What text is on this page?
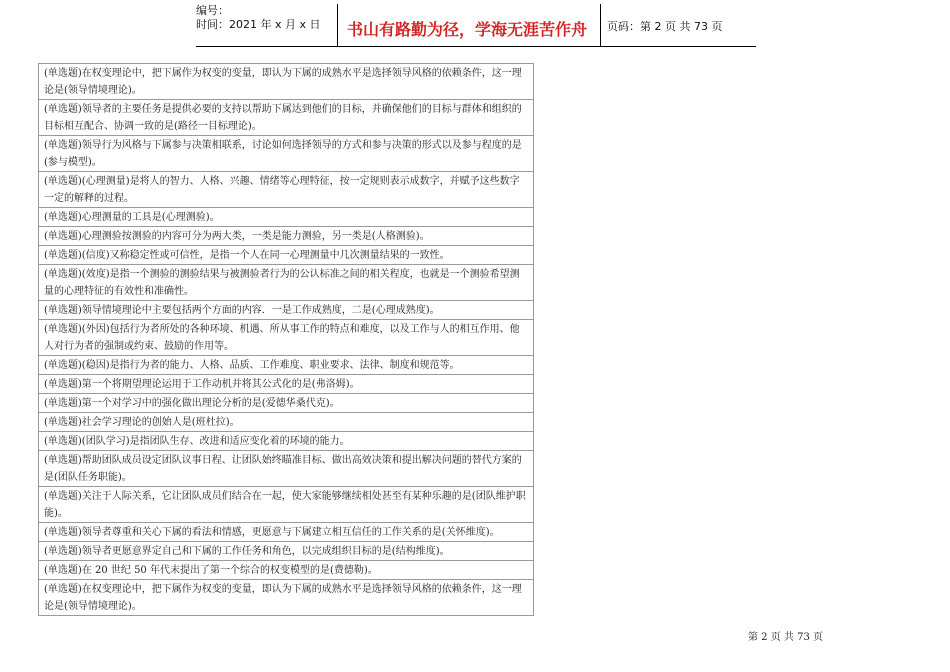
编号：
时间：2021 年 x 月 x 日	书山有路勤为径，学海无涯苦作舟	页码：第 2 页 共 73 页
(单选题)在权变理论中，把下属作为权变的变量，即认为下属的成熟水平是选择领导风格的依赖条件，这一理论是(领导情境理论)。
(单选题)领导者的主要任务是提供必要的支持以帮助下属达到他们的目标，并确保他们的目标与群体和组织的目标相互配合、协调一致的是(路径一目标理论)。
(单选题)领导行为风格与下属参与决策相联系，讨论如何选择领导的方式和参与决策的形式以及参与程度的是(参与模型)。
(单选题)(心理测量)是将人的智力、人格、兴趣、情绪等心理特征，按一定规则表示成数字，并赋予这些数字一定的解释的过程。
(单选题)心理测量的工具是(心理测验)。
(单选题)心理测验按测验的内容可分为两大类，一类是能力测验，另一类是(人格测验)。
(单选题)(信度)又称稳定性或可信性，是指一个人在同一心理测量中几次测量结果的一致性。
(单选题)(效度)是指一个测验的测验结果与被测验者行为的公认标准之间的相关程度，也就是一个测验希望测量的心理特征的有效性和准确性。
(单选题)领导情境理论中主要包括两个方面的内容．一是工作成熟度，二是(心理成熟度)。
(单选题)(外因)包括行为者所处的各种环境、机遇、所从事工作的特点和难度，以及工作与人的相互作用、他人对行为者的强制或约束、鼓励的作用等。
(单选题)(稳因)是指行为者的能力、人格、品质、工作难度、职业要求、法律、制度和规范等。
(单选题)第一个将期望理论运用于工作动机并将其公式化的是(弗洛姆)。
(单选题)第一个对学习中的强化做出理论分析的是(爱德华桑代克)。
(单选题)社会学习理论的创始人是(班杜拉)。
(单选题)(团队学习)是指团队生存、改进和适应变化着的环境的能力。
(单选题)帮助团队成员设定团队议事日程、让团队始终瞄准目标、做出高效决策和提出解决问题的替代方案的是(团队任务职能)。
(单选题)关注于人际关系，它让团队成员们结合在一起，使大家能够继续相处甚至有某种乐趣的是(团队维护职能)。
(单选题)领导者尊重和关心下属的看法和情感，更愿意与下属建立相互信任的工作关系的是(关怀维度)。
(单选题)领导者更愿意界定自己和下属的工作任务和角色，以完成组织目标的是(结构维度)。
(单选题)在 20 世纪 50 年代末提出了第一个综合的权变模型的是(费德勒)。
(单选题)在权变理论中，把下属作为权变的变量，即认为下属的成熟水平是选择领导风格的依赖条件，这一理论是(领导情境理论)。
第 2 页 共 73 页
